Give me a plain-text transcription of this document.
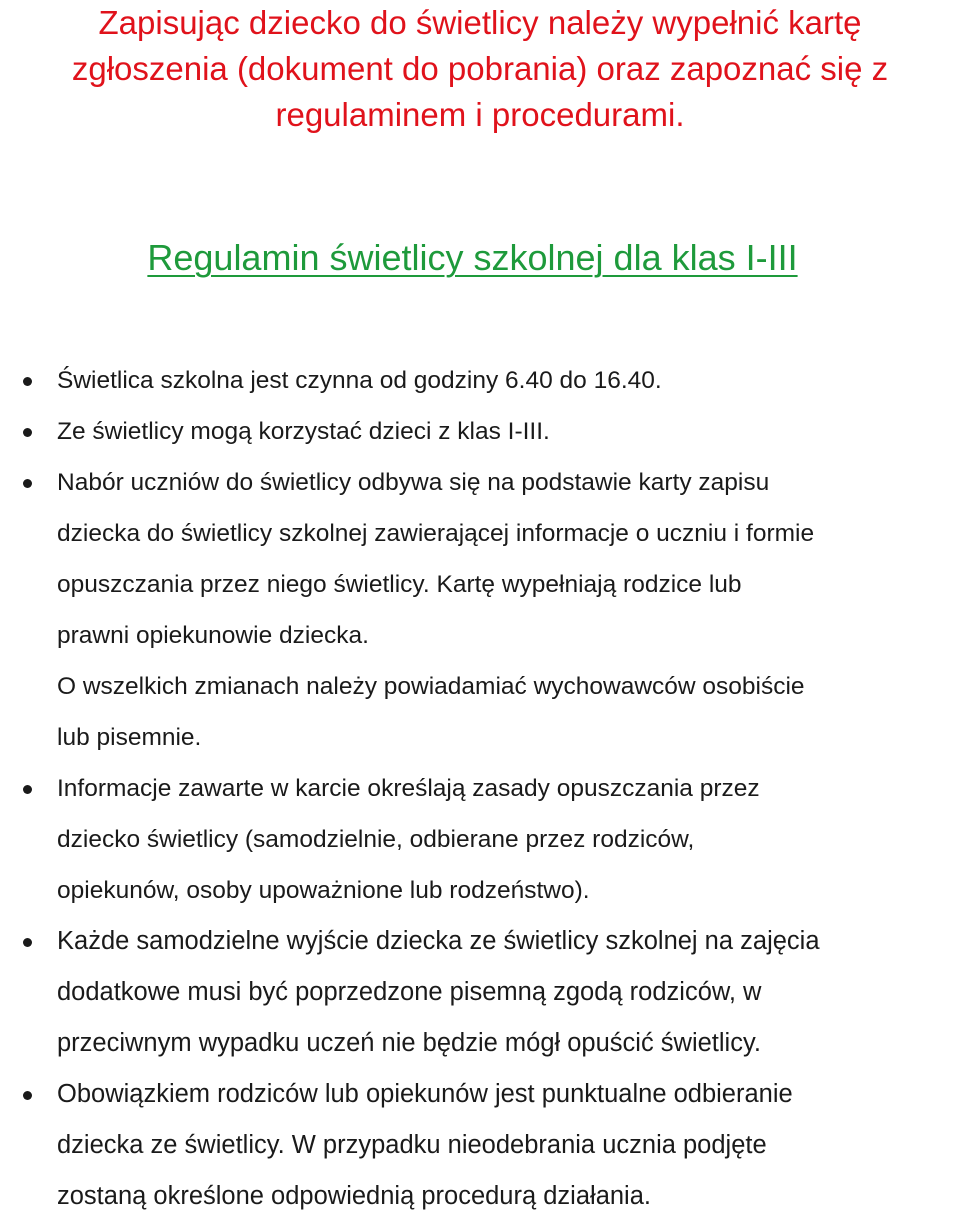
Zapisując dziecko do świetlicy należy wypełnić kartę
zgłoszenia (dokument do pobrania) oraz zapoznać się z
regulaminem i procedurami.

Regulamin świetlicy szkolnej dla klas I-III
Świetlica szkolna jest czynna od godziny 6.40 do 16.40.
Ze świetlicy mogą korzystać dzieci z klas I-III.
Nabór uczniów do świetlicy odbywa się na podstawie karty zapisu
dziecka do świetlicy szkolnej zawierającej informacje o uczniu i formie
opuszczania przez niego świetlicy. Kartę wypełniają rodzice lub
prawni opiekunowie dziecka.
O wszelkich zmianach należy powiadamiać wychowawców osobiście
lub pisemnie.
Informacje zawarte w karcie określają zasady opuszczania przez
dziecko świetlicy (samodzielnie, odbierane przez rodziców,
opiekunów, osoby upoważnione lub rodzeństwo).
Każde samodzielne wyjście dziecka ze świetlicy szkolnej na zajęcia
dodatkowe musi być poprzedzone pisemną zgodą rodziców, w
przeciwnym wypadku uczeń nie będzie mógł opuścić świetlicy.
Obowiązkiem rodziców lub opiekunów jest punktualne odbieranie
dziecka ze świetlicy. W przypadku nieodebrania ucznia podjęte
zostaną określone odpowiednią procedurą działania.
